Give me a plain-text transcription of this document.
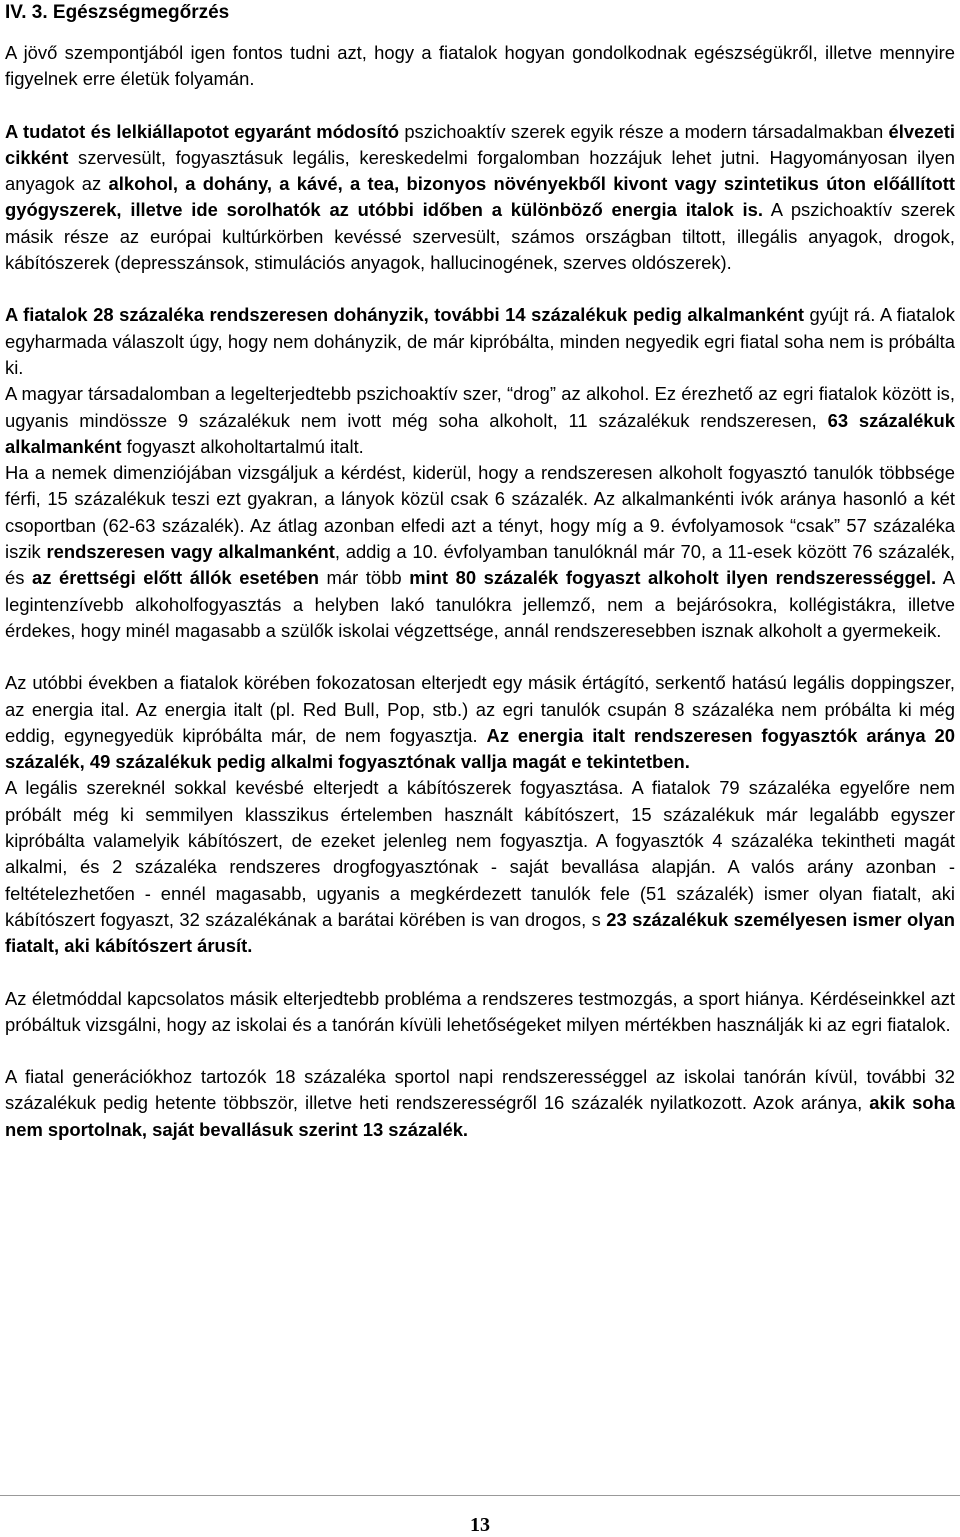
IV. 3. Egészségmegőrzés

A jövő szempontjából igen fontos tudni azt, hogy a fiatalok hogyan gondolkodnak egészségükről, illetve mennyire figyelnek erre életük folyamán.

A tudatot és lelkiállapotot egyaránt módosító pszichoaktív szerek egyik része a modern társadalmakban élvezeti cikként szervesült, fogyasztásuk legális, kereskedelmi forgalomban hozzájuk lehet jutni. Hagyományosan ilyen anyagok az alkohol, a dohány, a kávé, a tea, bizonyos növényekből kivont vagy szintetikus úton előállított gyógyszerek, illetve ide sorolhatók az utóbbi időben a különböző energia italok is. A pszichoaktív szerek másik része az európai kultúrkörben kevéssé szervesült, számos országban tiltott, illegális anyagok, drogok, kábítószerek (depresszánsok, stimulációs anyagok, hallucinogének, szerves oldószerek).

A fiatalok 28 százaléka rendszeresen dohányzik, további 14 százalékuk pedig alkalmanként gyújt rá. A fiatalok egyharmada válaszolt úgy, hogy nem dohányzik, de már kipróbálta, minden negyedik egri fiatal soha nem is próbálta ki.

A magyar társadalomban a legelterjedtebb pszichoaktív szer, “drog” az alkohol. Ez érezhető az egri fiatalok között is, ugyanis mindössze 9 százalékuk nem ivott még soha alkoholt, 11 százalékuk rendszeresen, 63 százalékuk alkalmanként fogyaszt alkoholtartalmú italt.

Ha a nemek dimenziójában vizsgáljuk a kérdést, kiderül, hogy a rendszeresen alkoholt fogyasztó tanulók többsége férfi, 15 százalékuk teszi ezt gyakran, a lányok közül csak 6 százalék. Az alkalmankénti ivók aránya hasonló a két csoportban (62-63 százalék). Az átlag azonban elfedi azt a tényt, hogy míg a 9. évfolyamosok “csak” 57 százaléka iszik rendszeresen vagy alkalmanként, addig a 10. évfolyamban tanulóknál már 70, a 11-esek között 76 százalék, és az érettségi előtt állók esetében már több mint 80 százalék fogyaszt alkoholt ilyen rendszerességgel. A legintenzívebb alkoholfogyasztás a helyben lakó tanulókra jellemző, nem a bejárósokra, kollégistákra, illetve érdekes, hogy minél magasabb a szülők iskolai végzettsége, annál rendszeresebben isznak alkoholt a gyermekeik.

Az utóbbi években a fiatalok körében fokozatosan elterjedt egy másik értágító, serkentő hatású legális doppingszer, az energia ital. Az energia italt (pl. Red Bull, Pop, stb.) az egri tanulók csupán 8 százaléka nem próbálta ki még eddig, egynegyedük kipróbálta már, de nem fogyasztja. Az energia italt rendszeresen fogyasztók aránya 20 százalék, 49 százalékuk pedig alkalmi fogyasztónak vallja magát e tekintetben.

A legális szereknél sokkal kevésbé elterjedt a kábítószerek fogyasztása. A fiatalok 79 százaléka egyelőre nem próbált még ki semmilyen klasszikus értelemben használt kábítószert, 15 százalékuk már legalább egyszer kipróbálta valamelyik kábítószert, de ezeket jelenleg nem fogyasztja. A fogyasztók 4 százaléka tekintheti magát alkalmi, és 2 százaléka rendszeres drogfogyasztónak - saját bevallása alapján. A valós arány azonban - feltételezhetően - ennél magasabb, ugyanis a megkérdezett tanulók fele (51 százalék) ismer olyan fiatalt, aki kábítószert fogyaszt, 32 százalékának a barátai körében is van drogos, s 23 százalékuk személyesen ismer olyan fiatalt, aki kábítószert árusít.

Az életmóddal kapcsolatos másik elterjedtebb probléma a rendszeres testmozgás, a sport hiánya. Kérdéseinkkel azt próbáltuk vizsgálni, hogy az iskolai és a tanórán kívüli lehetőségeket milyen mértékben használják ki az egri fiatalok.

A fiatal generációkhoz tartozók 18 százaléka sportol napi rendszerességgel az iskolai tanórán kívül, további 32 százalékuk pedig hetente többször, illetve heti rendszerességről 16 százalék nyilatkozott. Azok aránya, akik soha nem sportolnak, saját bevallásuk szerint 13 százalék.

13
